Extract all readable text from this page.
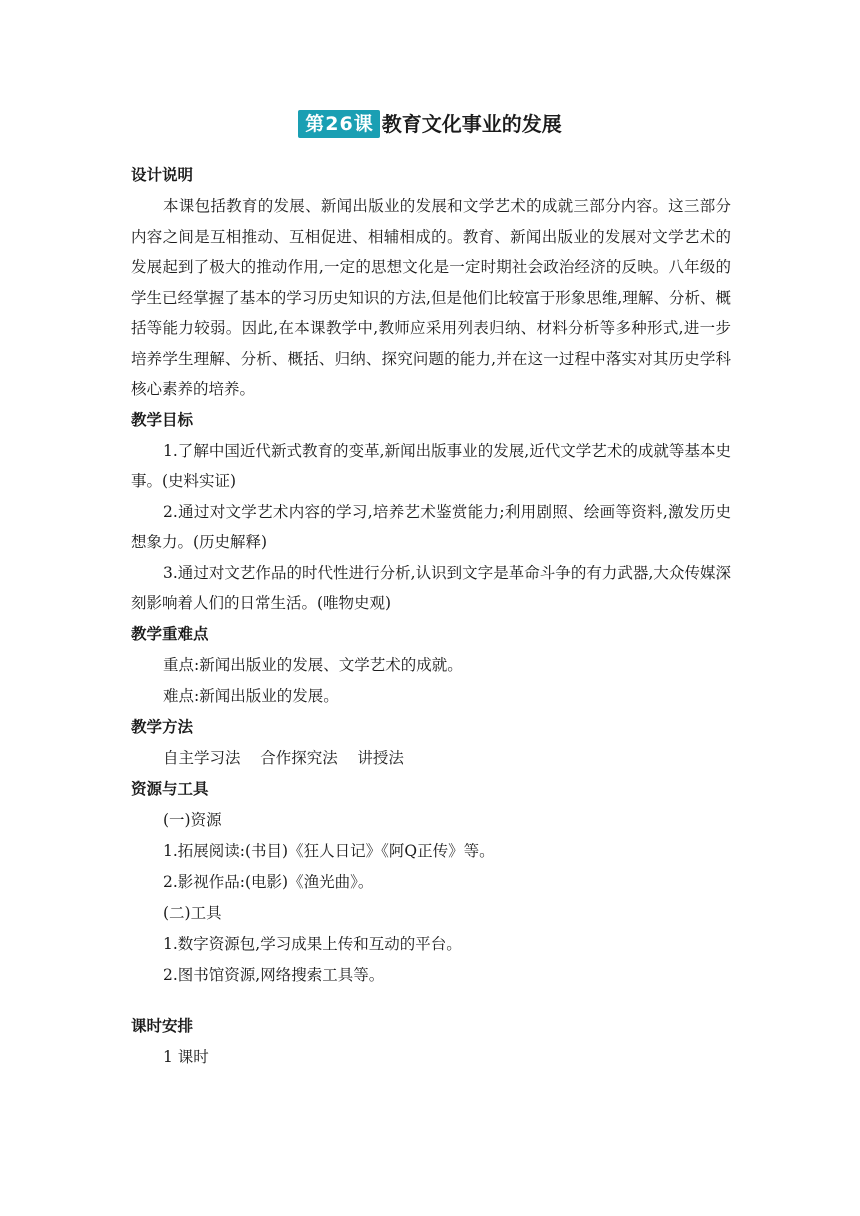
第26课 教育文化事业的发展
设计说明

本课包括教育的发展、新闻出版业的发展和文学艺术的成就三部分内容。这三部分内容之间是互相推动、互相促进、相辅相成的。教育、新闻出版业的发展对文学艺术的发展起到了极大的推动作用,一定的思想文化是一定时期社会政治经济的反映。八年级的学生已经掌握了基本的学习历史知识的方法,但是他们比较富于形象思维,理解、分析、概括等能力较弱。因此,在本课教学中,教师应采用列表归纳、材料分析等多种形式,进一步培养学生理解、分析、概括、归纳、探究问题的能力,并在这一过程中落实对其历史学科核心素养的培养。

教学目标

1.了解中国近代新式教育的变革,新闻出版事业的发展,近代文学艺术的成就等基本史事。(史料实证)

2.通过对文学艺术内容的学习,培养艺术鉴赏能力;利用剧照、绘画等资料,激发历史想象力。(历史解释)

3.通过对文艺作品的时代性进行分析,认识到文字是革命斗争的有力武器,大众传媒深刻影响着人们的日常生活。(唯物史观)

教学重难点
重点:新闻出版业的发展、文学艺术的成就。
难点:新闻出版业的发展。
教学方法
自主学习法    合作探究法    讲授法
资源与工具
(一)资源
1.拓展阅读:(书目)《狂人日记》《阿Q正传》等。
2.影视作品:(电影)《渔光曲》。
(二)工具
1.数字资源包,学习成果上传和互动的平台。
2.图书馆资源,网络搜索工具等。
课时安排
1 课时
